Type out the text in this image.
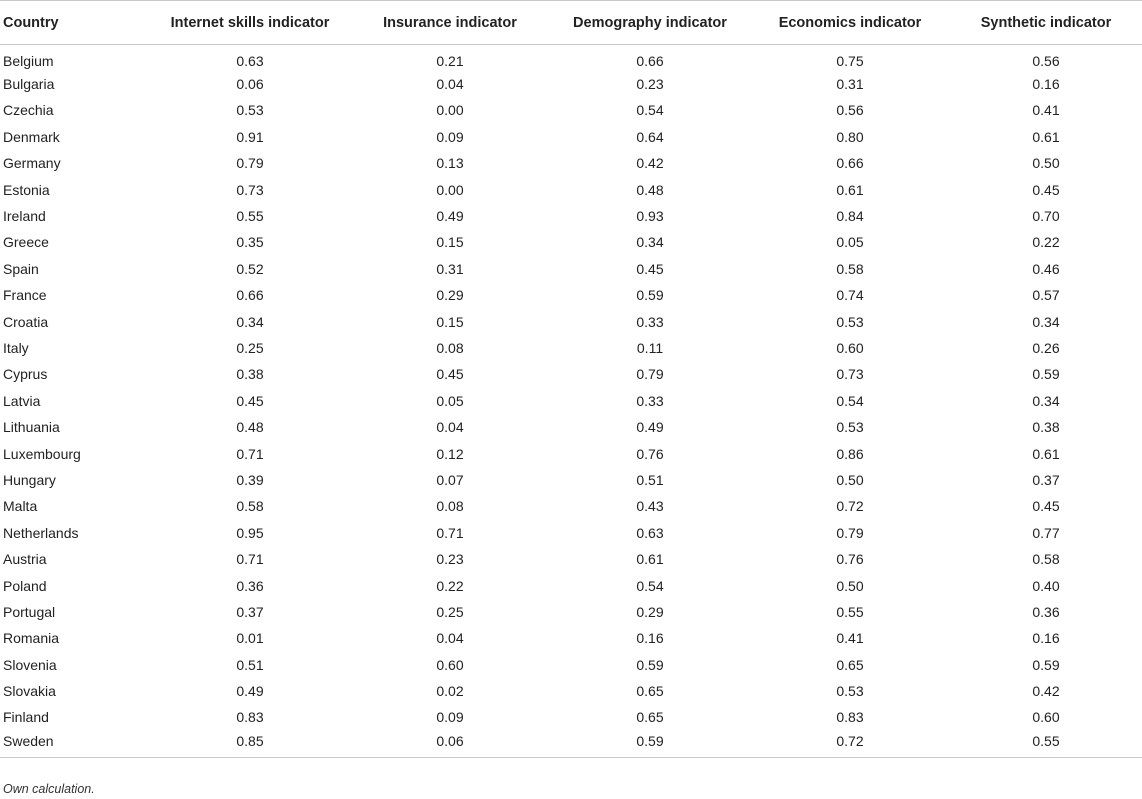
Country	Internet skills indicator	Insurance indicator	Demography indicator	Economics indicator	Synthetic indicator
Belgium	0.63	0.21	0.66	0.75	0.56
Bulgaria	0.06	0.04	0.23	0.31	0.16
Czechia	0.53	0.00	0.54	0.56	0.41
Denmark	0.91	0.09	0.64	0.80	0.61
Germany	0.79	0.13	0.42	0.66	0.50
Estonia	0.73	0.00	0.48	0.61	0.45
Ireland	0.55	0.49	0.93	0.84	0.70
Greece	0.35	0.15	0.34	0.05	0.22
Spain	0.52	0.31	0.45	0.58	0.46
France	0.66	0.29	0.59	0.74	0.57
Croatia	0.34	0.15	0.33	0.53	0.34
Italy	0.25	0.08	0.11	0.60	0.26
Cyprus	0.38	0.45	0.79	0.73	0.59
Latvia	0.45	0.05	0.33	0.54	0.34
Lithuania	0.48	0.04	0.49	0.53	0.38
Luxembourg	0.71	0.12	0.76	0.86	0.61
Hungary	0.39	0.07	0.51	0.50	0.37
Malta	0.58	0.08	0.43	0.72	0.45
Netherlands	0.95	0.71	0.63	0.79	0.77
Austria	0.71	0.23	0.61	0.76	0.58
Poland	0.36	0.22	0.54	0.50	0.40
Portugal	0.37	0.25	0.29	0.55	0.36
Romania	0.01	0.04	0.16	0.41	0.16
Slovenia	0.51	0.60	0.59	0.65	0.59
Slovakia	0.49	0.02	0.65	0.53	0.42
Finland	0.83	0.09	0.65	0.83	0.60
Sweden	0.85	0.06	0.59	0.72	0.55
Own calculation.
